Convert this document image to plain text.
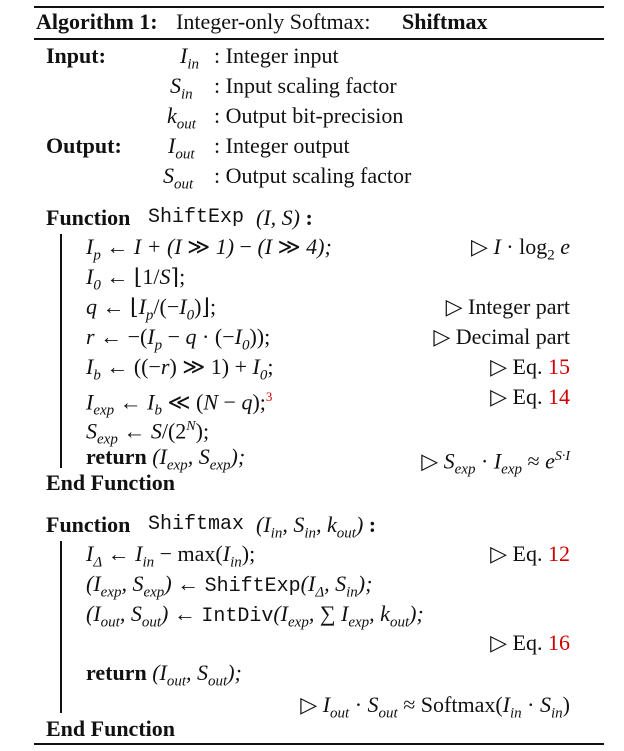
Algorithm 1: Integer-only Softmax: Shiftmax
Input:	$I_{in}$ : Integer input
$S_{in}$ : Input scaling factor
$k_{out}$ : Output bit-precision
Output: $I_{out}$ : Integer output
$S_{out}$ : Output scaling factor
Function ShiftExp (I, S) :
$I_p$ ← I + (I ≫ 1) − (I ≫ 4);	▷ $I \cdot \log_2 e$
$I_0$ ← ⌊1/S⌉;
q ← $⌊I_p/(-I_0)⌋$;	▷ Integer part
r ← $-(I_p - q \cdot (-I_0))$;	▷ Decimal part
$I_b$ ← ((−r) ≫ $1) + I_0$;	▷ Eq. 15
$I_{exp}$ ← $I_b$ ≪ (N − q);$^3$	▷ Eq. 14
$S_{exp}$ ← $S/(2^N)$;
return ($I_{exp}$, $S_{exp}$);	▷ $S_{exp} \cdot I_{exp} \approx e^{S\cdot I}$
End Function
Function Shiftmax ($I_{in}$, $S_{in}$, $k_{out}$) :
$I_\Delta$ ← $I_{in} - \max(I_{in})$;	▷ Eq. 12
($I_{exp}$, $S_{exp}$) ← $ShiftExp(I_\Delta$, $S_{in}$);
($I_{out}$, $S_{out}$) ← $IntDiv(I_{exp}$, ∑ $I_{exp}$, $k_{out}$);
▷ Eq. 16
return ($I_{out}$, $S_{out}$);
▷ $I_{out} \cdot S_{out}$ ≈ $Softmax(I_{in} \cdot S_{in})$
End Function
